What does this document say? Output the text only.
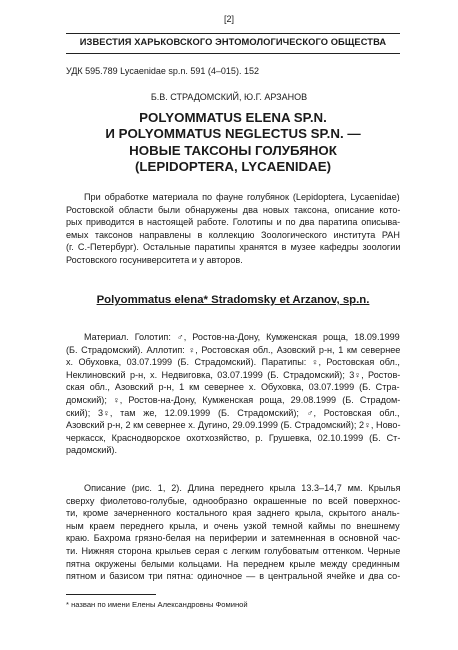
[2]
ИЗВЕСТИЯ ХАРЬКОВСКОГО ЭНТОМОЛОГИЧЕСКОГО ОБЩЕСТВА
УДК 595.789 Lycaenidae sp.n. 591 (4–015). 152
Б.В. СТРАДОМСКИЙ, Ю.Г. АРЗАНОВ
POLYOMMATUS ELENA SP.N.
И POLYOMMATUS NEGLECTUS SP.N. —
НОВЫЕ ТАКСОНЫ ГОЛУБЯНОК
(LEPIDOPTERA, LYCAENIDAE)
При обработке материала по фауне голубянок (Lepidoptera, Lycaenidae)
Ростовской области были обнаружены два новых таксона, описание кото-
рых приводится в настоящей работе. Голотипы и по два паратипа описыва-
емых таксонов направлены в коллекцию Зоологического института РАН
(г. С.-Петербург). Остальные паратипы хранятся в музее кафедры зоологии
Ростовского госуниверситета и у авторов.
Polyommatus elena* Stradomsky et Arzanov, sp.n.
Материал. Голотип: ♂, Ростов-на-Дону, Кумженская роща, 18.09.1999
(Б. Страдомский). Аллотип: ♀, Ростовская обл., Азовский р-н, 1 км севернее
х. Обуховка, 03.07.1999 (Б. Страдомский). Паратипы: ♀, Ростовская обл.,
Неклиновский р-н, х. Недвиговка, 03.07.1999 (Б. Страдомский); 3♀, Ростов-
ская обл., Азовский р-н, 1 км севернее х. Обуховка, 03.07.1999 (Б. Стра-
домский); ♀, Ростов-на-Дону, Кумженская роща, 29.08.1999 (Б. Страдом-
ский); 3♀, там же, 12.09.1999 (Б. Страдомский); ♂, Ростовская обл.,
Азовский р-н, 2 км севернее х. Дугино, 29.09.1999 (Б. Страдомский); 2♀, Ново-
черкасск, Краснодворское охотхозяйство, р. Грушевка, 02.10.1999 (Б. Ст-
радомский).
Описание (рис. 1, 2). Длина переднего крыла 13.3–14,7 мм. Крылья
сверху фиолетово-голубые, однообразно окрашенные по всей поверхнос-
ти, кроме зачерненного костального края заднего крыла, скрытого аналь-
ным краем переднего крыла, и очень узкой темной каймы по внешнему
краю. Бахрома грязно-белая на периферии и затемненная в основной час-
ти. Нижняя сторона крыльев серая с легким голубоватым оттенком. Черные
пятна окружены белыми кольцами. На переднем крыле между срединным
пятном и базисом три пятна: одиночное — в центральной ячейке и два со-
* назван по имени Елены Александровны Фоминой
